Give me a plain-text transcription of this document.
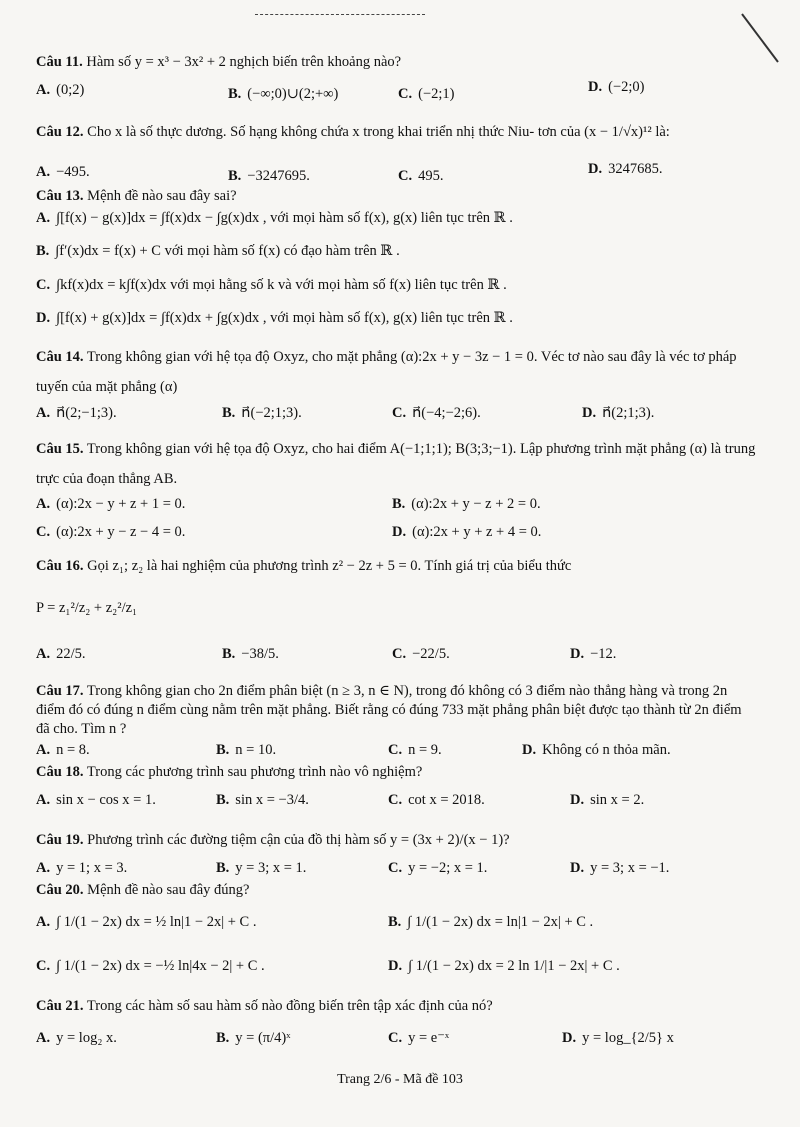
Câu 11. Hàm số y = x³ − 3x² + 2 nghịch biến trên khoảng nào?
A. (0;2)	B. (−∞;0)∪(2;+∞)	C. (−2;1)	D. (−2;0)
Câu 12. Cho x là số thực dương. Số hạng không chứa x trong khai triển nhị thức Niu- tơn của (x − 1/√x)¹² là:
A. −495.	B. −3247695.	C. 495.	D. 3247685.
Câu 13. Mệnh đề nào sau đây sai?
A. ∫[f(x) − g(x)]dx = ∫f(x)dx − ∫g(x)dx , với mọi hàm số f(x), g(x) liên tục trên ℝ .
B. ∫f′(x)dx = f(x) + C với mọi hàm số f(x) có đạo hàm trên ℝ .
C. ∫kf(x)dx = k∫f(x)dx với mọi hằng số k và với mọi hàm số f(x) liên tục trên ℝ .
D. ∫[f(x) + g(x)]dx = ∫f(x)dx + ∫g(x)dx , với mọi hàm số f(x), g(x) liên tục trên ℝ .
Câu 14. Trong không gian với hệ tọa độ Oxyz, cho mặt phẳng (α):2x + y − 3z − 1 = 0. Véc tơ nào sau đây là véc tơ pháp tuyến của mặt phẳng (α)
A. n⃗(2;−1;3).	B. n⃗(−2;1;3).	C. n⃗(−4;−2;6).	D. n⃗(2;1;3).
Câu 15. Trong không gian với hệ tọa độ Oxyz, cho hai điểm A(−1;1;1); B(3;3;−1). Lập phương trình mặt phẳng (α) là trung trực của đoạn thẳng AB.
A. (α):2x − y + z + 1 = 0.	B. (α):2x + y − z + 2 = 0.
C. (α):2x + y − z − 4 = 0.	D. (α):2x + y + z + 4 = 0.
Câu 16. Gọi z₁; z₂ là hai nghiệm của phương trình z² − 2z + 5 = 0. Tính giá trị của biểu thức
P = z₁²/z₂ + z₂²/z₁
A. 22/5.	B. −38/5.	C. −22/5.	D. −12.
Câu 17. Trong không gian cho 2n điểm phân biệt (n ≥ 3, n ∈ N), trong đó không có 3 điểm nào thẳng hàng và trong 2n điểm đó có đúng n điểm cùng nằm trên mặt phẳng. Biết rằng có đúng 733 mặt phẳng phân biệt được tạo thành từ 2n điểm đã cho. Tìm n ?
A. n = 8.	B. n = 10.	C. n = 9.	D. Không có n thỏa mãn.
Câu 18. Trong các phương trình sau phương trình nào vô nghiệm?
A. sin x − cos x = 1.	B. sin x = −3/4.	C. cot x = 2018.	D. sin x = 2.
Câu 19. Phương trình các đường tiệm cận của đồ thị hàm số y = (3x + 2)/(x − 1)?
A. y = 1; x = 3.	B. y = 3; x = 1.	C. y = −2; x = 1.	D. y = 3; x = −1.
Câu 20. Mệnh đề nào sau đây đúng?
A. ∫ 1/(1 − 2x) dx = ½ ln|1 − 2x| + C .	B. ∫ 1/(1 − 2x) dx = ln|1 − 2x| + C .
C. ∫ 1/(1 − 2x) dx = −½ ln|4x − 2| + C .	D. ∫ 1/(1 − 2x) dx = 2 ln 1/|1 − 2x| + C .
Câu 21. Trong các hàm số sau hàm số nào đồng biến trên tập xác định của nó?
A. y = log₂ x.	B. y = (π/4)ˣ	C. y = e⁻ˣ	D. y = log_{2/5} x
Trang 2/6 - Mã đề 103
